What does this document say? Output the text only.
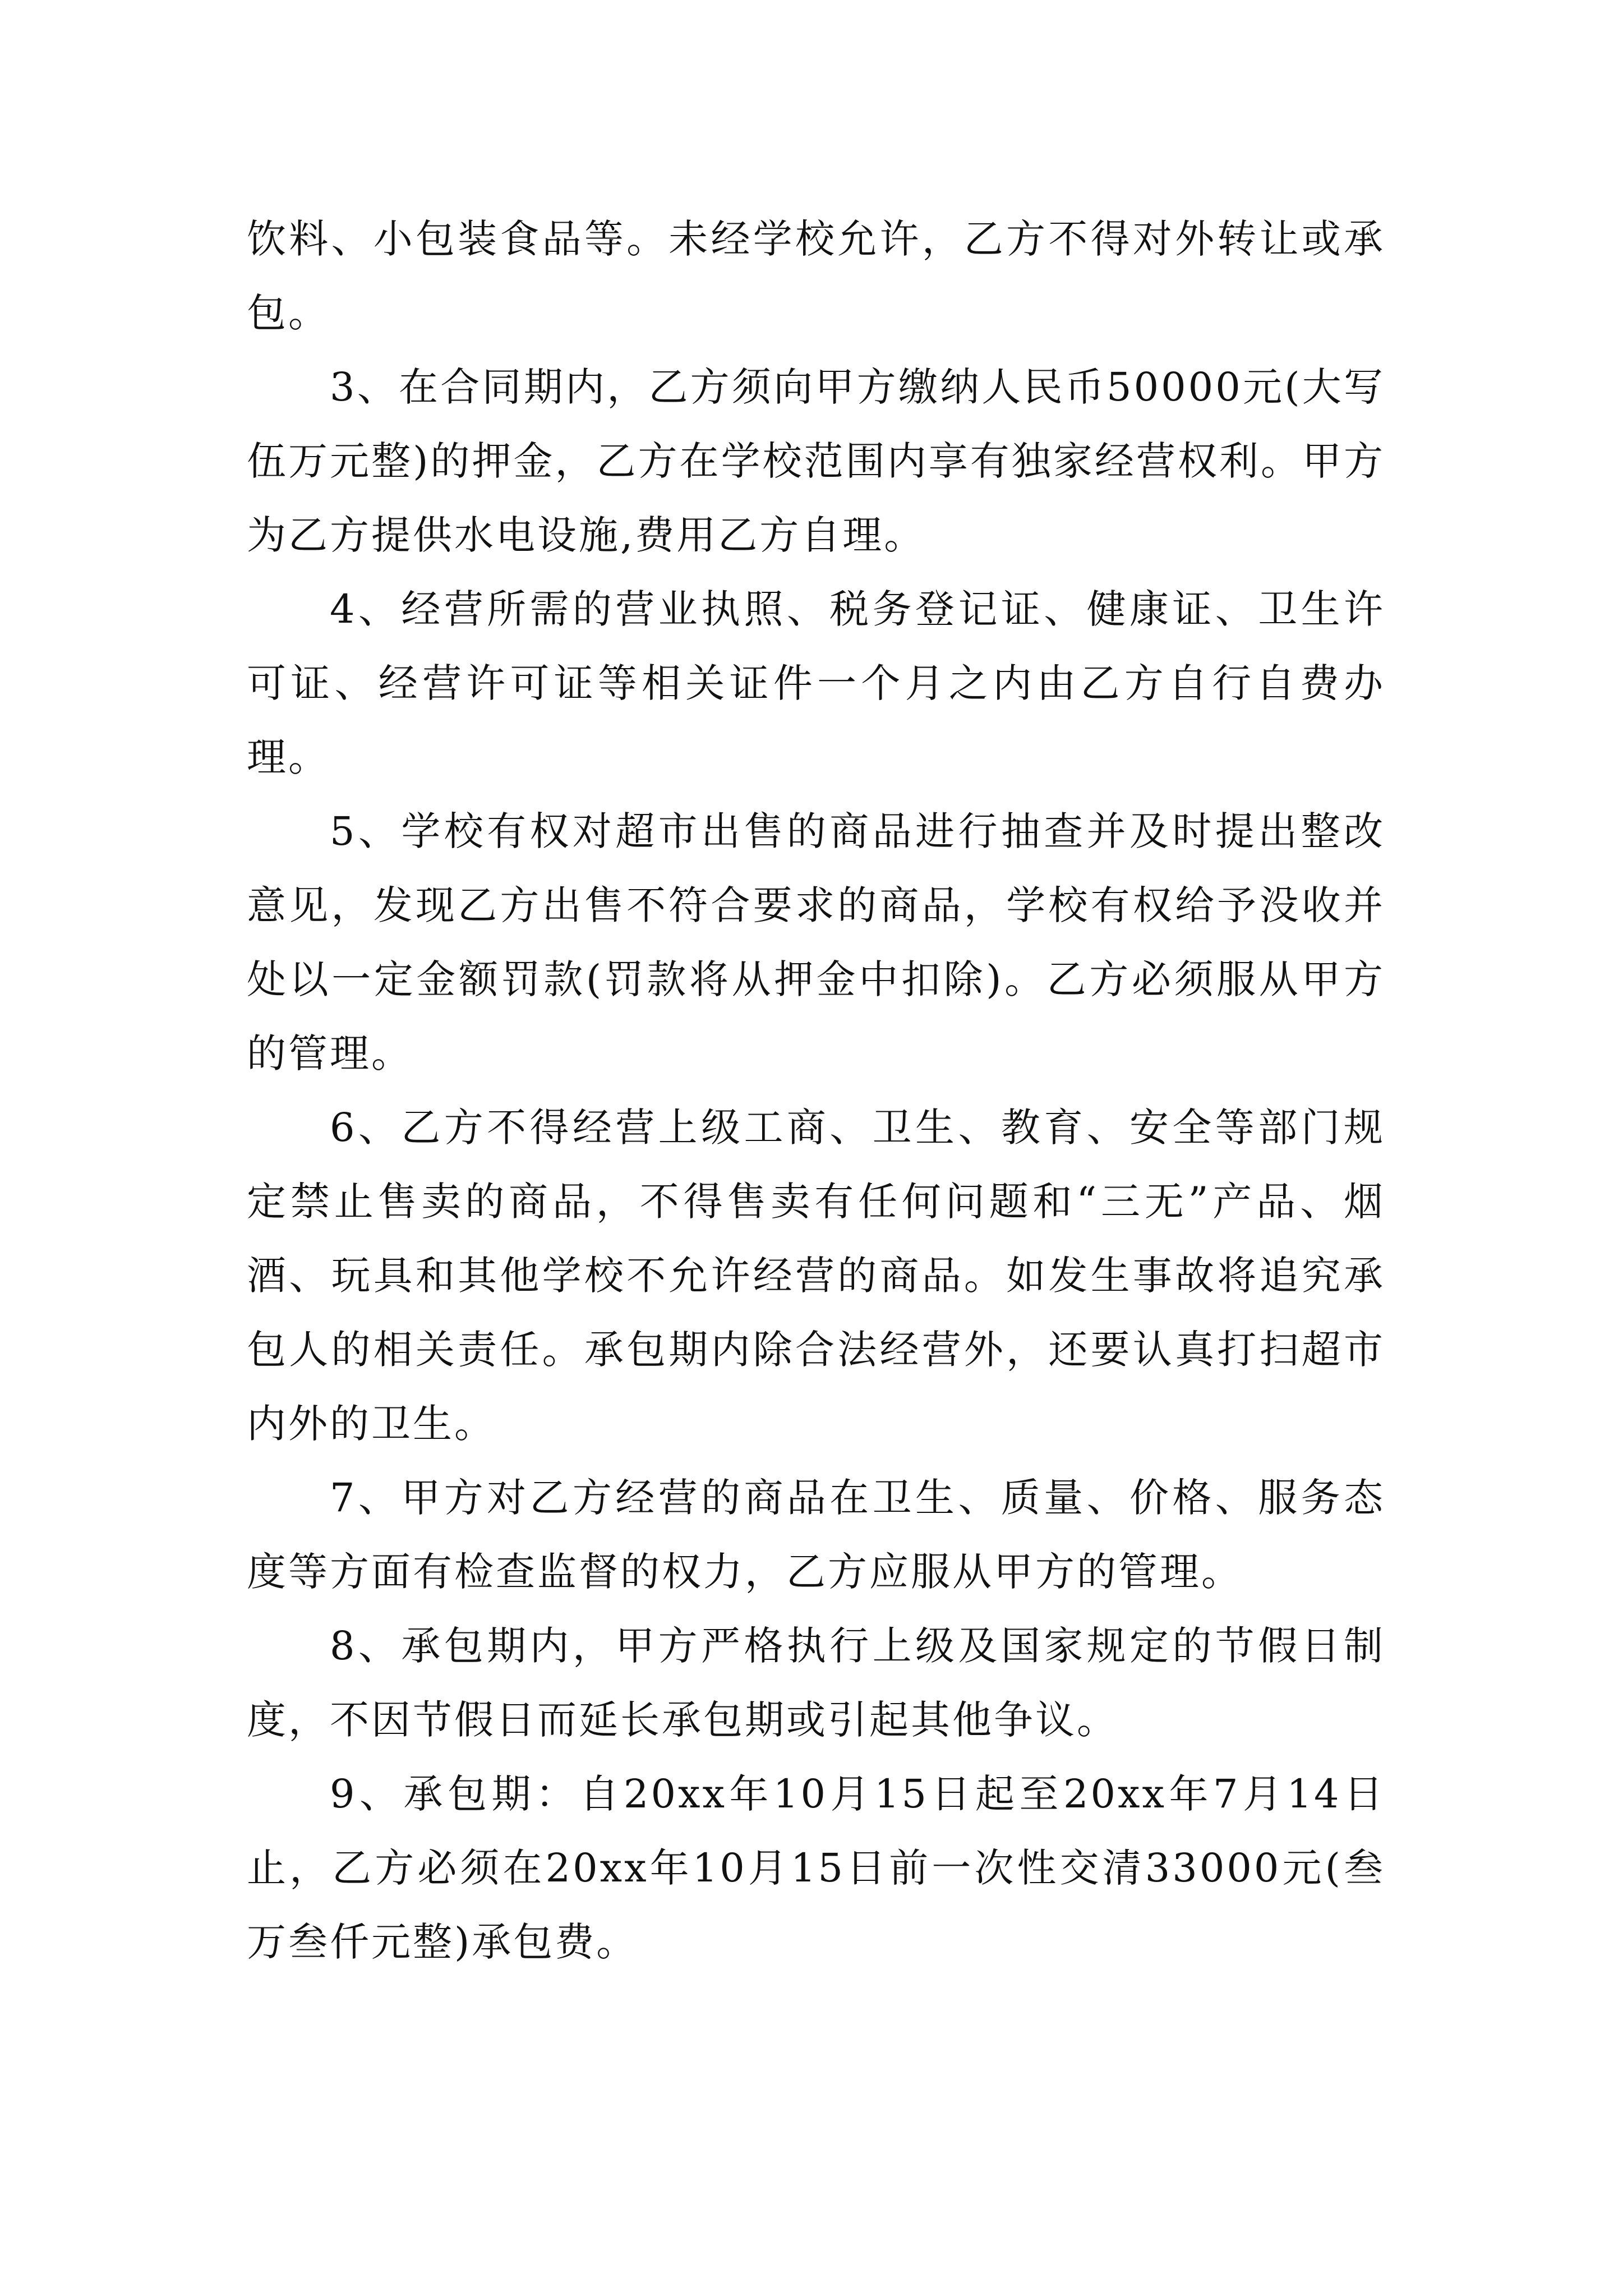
饮料、小包装食品等。未经学校允许，乙方不得对外转让或承包。

3、在合同期内，乙方须向甲方缴纳人民币50000元(大写伍万元整)的押金，乙方在学校范围内享有独家经营权利。甲方为乙方提供水电设施,费用乙方自理。

4、经营所需的营业执照、税务登记证、健康证、卫生许可证、经营许可证等相关证件一个月之内由乙方自行自费办理。

5、学校有权对超市出售的商品进行抽查并及时提出整改意见，发现乙方出售不符合要求的商品，学校有权给予没收并处以一定金额罚款(罚款将从押金中扣除)。乙方必须服从甲方的管理。

6、乙方不得经营上级工商、卫生、教育、安全等部门规定禁止售卖的商品，不得售卖有任何问题和“三无”产品、烟酒、玩具和其他学校不允许经营的商品。如发生事故将追究承包人的相关责任。承包期内除合法经营外，还要认真打扫超市内外的卫生。

7、甲方对乙方经营的商品在卫生、质量、价格、服务态度等方面有检查监督的权力，乙方应服从甲方的管理。

8、承包期内，甲方严格执行上级及国家规定的节假日制度，不因节假日而延长承包期或引起其他争议。

9、承包期：自20xx年10月15日起至20xx年7月14日止，乙方必须在20xx年10月15日前一次性交清33000元(叁万叁仟元整)承包费。
